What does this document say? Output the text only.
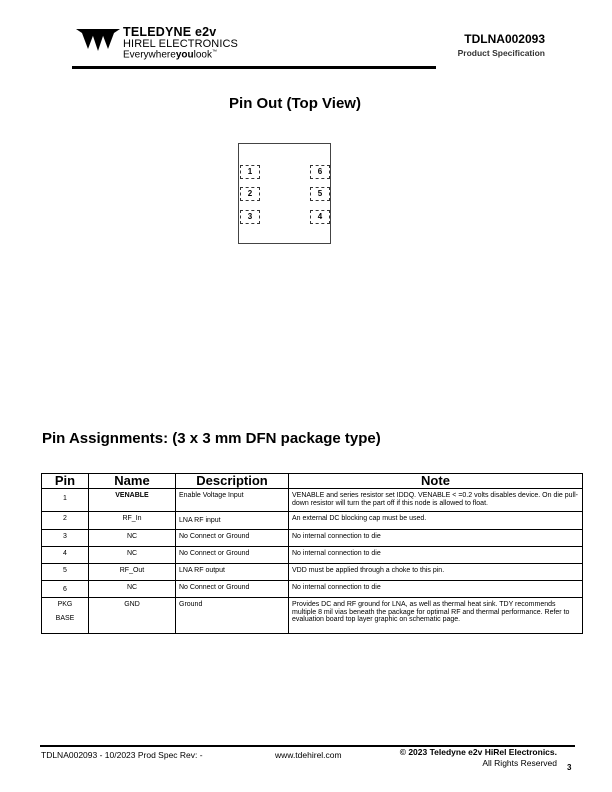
TELEDYNE e2v
HIREL ELECTRONICS
Everywhereyoulook™
TDLNA002093
Product Specification
Pin Out (Top View)
1
2
3
6
5
4
Pin Assignments: (3 x 3 mm DFN package type)
Pin	Name	Description	Note
1	VENABLE	Enable Voltage Input	VENABLE and series resistor set IDDQ. VENABLE < =0.2 volts disables device. On die pull-down resistor will turn the part off if this node is allowed to float.
2	RF_In	LNA RF input	An external DC blocking cap must be used.
3	NC	No Connect or Ground	No internal connection to die
4	NC	No Connect or Ground	No internal connection to die
5	RF_Out	LNA RF output	VDD must be applied through a choke to this pin.
6	NC	No Connect or Ground	No internal connection to die

PKG
BASE	GND	Ground	Provides DC and RF ground for LNA, as well as thermal heat sink. TDY recommends multiple 8 mil vias beneath the package for optimal RF and thermal performance. Refer to evaluation board top layer graphic on schematic page.
TDLNA002093 - 10/2023 Prod Spec Rev: -	www.tdehirel.com	© 2023 Teledyne e2v HiRel Electronics.
All Rights Reserved 3
